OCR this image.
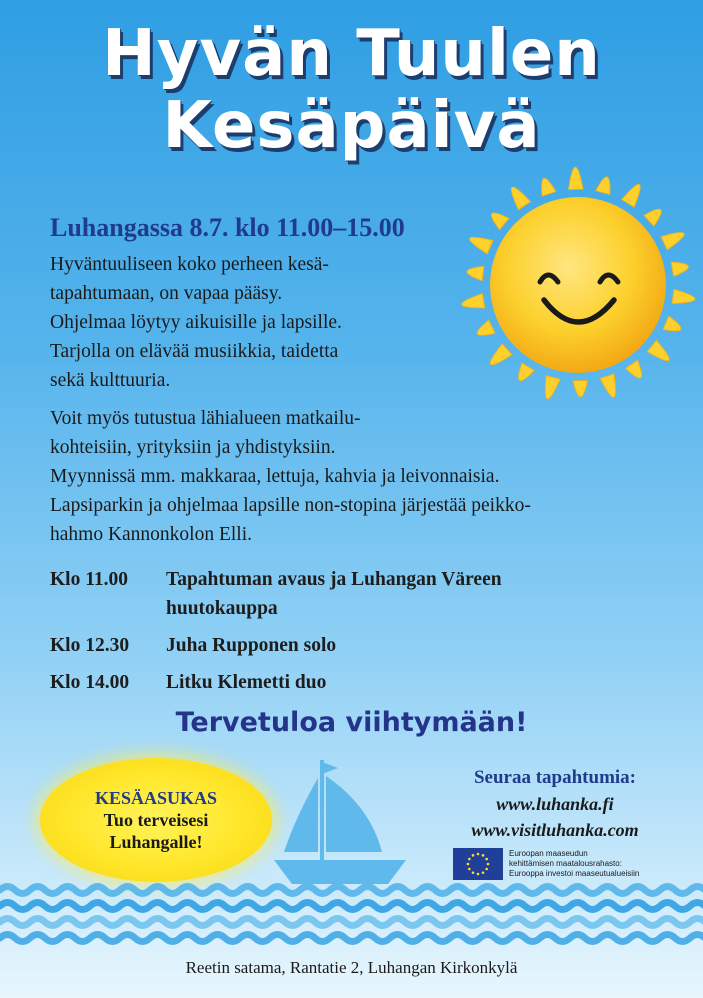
Hyvän Tuulen
Kesäpäivä
Luhangassa 8.7. klo 11.00–15.00

Hyväntuuliseen koko perheen kesä-
tapahtumaan, on vapaa pääsy.
Ohjelmaa löytyy aikuisille ja lapsille.
Tarjolla on elävää musiikkia, taidetta
sekä kulttuuria.

Voit myös tutustua lähialueen matkailu-
kohteisiin, yrityksiin ja yhdistyksiin.
Myynnissä mm. makkaraa, lettuja, kahvia ja leivonnaisia.
Lapsiparkin ja ohjelmaa lapsille non-stopina järjestää peikko-
hahmo Kannonkolon Elli.

Klo 11.00	Tapahtuman avaus ja Luhangan Väreen
huutokauppa
Klo 12.30	Juha Rupponen solo
Klo 14.00	Litku Klemetti duo
Tervetuloa viihtymään!
KESÄASUKAS
Tuo terveisesi
Luhangalle!
Seuraa tapahtumia:
www.luhanka.fi
www.visitluhanka.com
Euroopan maaseudun
kehittämisen maatalousrahasto:
Eurooppa investoi maaseutualueisiin

Reetin satama, Rantatie 2, Luhangan Kirkonkylä
